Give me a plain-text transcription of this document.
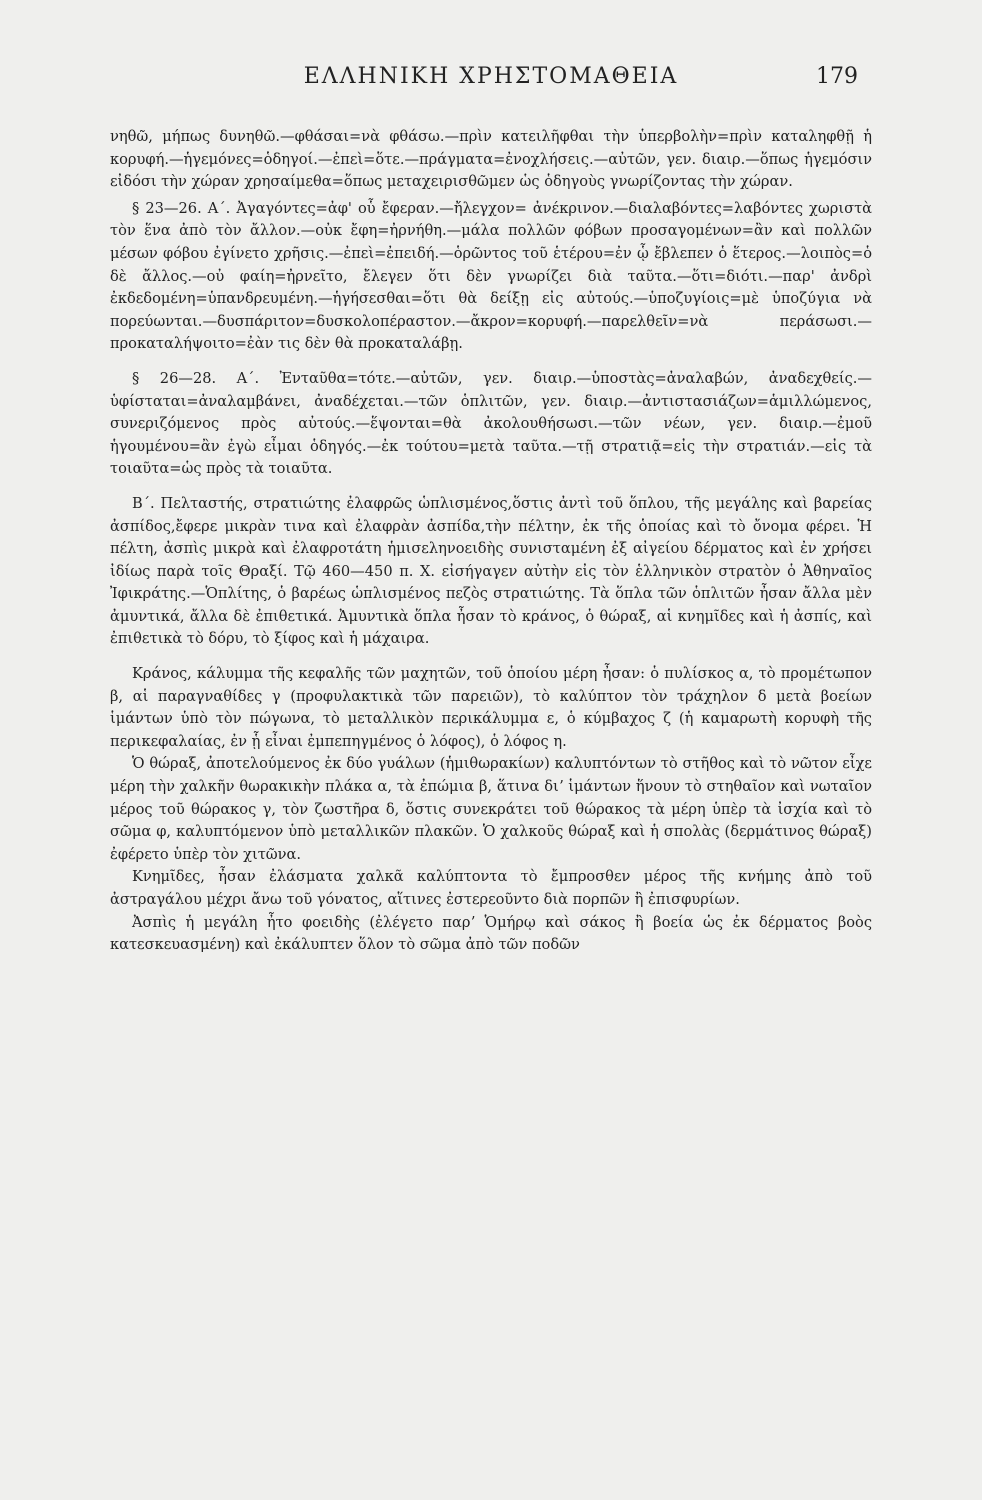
ΕΛΛΗΝΙΚΗ ΧΡΗΣΤΟΜΑΘΕΙΑ	179

νηθῶ, μήπως δυνηθῶ.—φθάσαι=νὰ φθάσω.—πρὶν κατειλῆφθαι τὴν ὑπερβολὴν=πρὶν καταληφθῇ ἡ κορυφή.—ἡγεμόνες=ὁδηγοί.—ἐπεὶ=ὅτε.—πράγματα=ἐνοχλήσεις.—αὐτῶν, γεν. διαιρ.—ὅπως ἡγεμόσιν εἰδόσι τὴν χώραν χρησαίμεθα=ὅπως μεταχειρισθῶμεν ὡς ὁδηγοὺς γνωρίζοντας τὴν χώραν.

§ 23—26. Α΄. Ἀγαγόντες=ἀφ' οὗ ἔφεραν.—ἤλεγχον= ἀνέκρινον.—διαλαβόντες=λαβόντες χωριστὰ τὸν ἕνα ἀπὸ τὸν ἄλλον.—οὐκ ἔφη=ἠρνήθη.—μάλα πολλῶν φόβων προσαγομένων=ἂν καὶ πολλῶν μέσων φόβου ἐγίνετο χρῆσις.—ἐπεὶ=ἐπειδή.—ὁρῶντος τοῦ ἑτέρου=ἐν ᾧ ἔβλεπεν ὁ ἕτερος.—λοιπὸς=ὁ δὲ ἄλλος.—οὐ φαίη=ἠρνεῖτο, ἔλεγεν ὅτι δὲν γνωρίζει διὰ ταῦτα.—ὅτι=διότι.—παρ' ἀνδρὶ ἐκδεδομένη=ὑπανδρευμένη.—ἡγήσεσθαι=ὅτι θὰ δείξῃ εἰς αὐτούς.—ὑποζυγίοις=μὲ ὑποζύγια νὰ πορεύωνται.—δυσπάριτον=δυσκολοπέραστον.—ἄκρον=κορυφή.—παρελθεῖν=νὰ περάσωσι.—προκαταλήψοιτο=ἐὰν τις δὲν θὰ προκαταλάβῃ.

§ 26—28. Α΄. Ἐνταῦθα=τότε.—αὐτῶν, γεν. διαιρ.—ὑποστὰς=ἀναλαβών, ἀναδεχθείς.—ὑφίσταται=ἀναλαμβάνει, ἀναδέχεται.—τῶν ὁπλιτῶν, γεν. διαιρ.—ἀντιστασιάζων=ἁμιλλώμενος, συνεριζόμενος πρὸς αὐτούς.—ἕψονται=θὰ ἀκολουθήσωσι.—τῶν νέων, γεν. διαιρ.—ἐμοῦ ἡγουμένου=ἂν ἐγὼ εἶμαι ὁδηγός.—ἐκ τούτου=μετὰ ταῦτα.—τῇ στρατιᾷ=εἰς τὴν στρατιάν.—εἰς τὰ τοιαῦτα=ὡς πρὸς τὰ τοιαῦτα.

Β΄. Πελταστής, στρατιώτης ἐλαφρῶς ὡπλισμένος,ὅστις ἀντὶ τοῦ ὅπλου, τῆς μεγάλης καὶ βαρείας ἀσπίδος,ἔφερε μικρὰν τινα καὶ ἐλαφρὰν ἀσπίδα,τὴν πέλτην, ἐκ τῆς ὁποίας καὶ τὸ ὄνομα φέρει. Ἡ πέλτη, ἀσπὶς μικρὰ καὶ ἐλαφροτάτη ἡμισεληνοειδὴς συνισταμένη ἐξ αἰγείου δέρματος καὶ ἐν χρήσει ἰδίως παρὰ τοῖς Θραξί. Τῷ 460—450 π. Χ. εἰσήγαγεν αὐτὴν εἰς τὸν ἑλληνικὸν στρατὸν ὁ Ἀθηναῖος Ἰφικράτης.—Ὁπλίτης, ὁ βαρέως ὡπλισμένος πεζὸς στρατιώτης. Τὰ ὅπλα τῶν ὁπλιτῶν ἦσαν ἄλλα μὲν ἀμυντικά, ἄλλα δὲ ἐπιθετικά. Ἀμυντικὰ ὅπλα ἦσαν τὸ κράνος, ὁ θώραξ, αἱ κνημῖδες καὶ ἡ ἀσπίς, καὶ ἐπιθετικὰ τὸ δόρυ, τὸ ξίφος καὶ ἡ μάχαιρα.

Κράνος, κάλυμμα τῆς κεφαλῆς τῶν μαχητῶν, τοῦ ὁποίου μέρη ἦσαν: ὁ πυλίσκος α, τὸ προμέτωπον β, αἱ παραγναθίδες γ (προφυλακτικὰ τῶν παρειῶν), τὸ καλύπτον τὸν τράχηλον δ μετὰ βοείων ἱμάντων ὑπὸ τὸν πώγωνα, τὸ μεταλλικὸν περικάλυμμα ε, ὁ κύμβαχος ζ (ἡ καμαρωτὴ κορυφὴ τῆς περικεφαλαίας, ἐν ᾗ εἶναι ἐμπεπηγμένος ὁ λόφος), ὁ λόφος η.

Ὁ θώραξ, ἀποτελούμενος ἐκ δύο γυάλων (ἡμιθωρακίων) καλυπτόντων τὸ στῆθος καὶ τὸ νῶτον εἶχε μέρη τὴν χαλκῆν θωρακικὴν πλάκα α, τὰ ἐπώμια β, ἅτινα διʼ ἱμάντων ἥνουν τὸ στηθαῖον καὶ νωταῖον μέρος τοῦ θώρακος γ, τὸν ζωστῆρα δ, ὅστις συνεκράτει τοῦ θώρακος τὰ μέρη ὑπὲρ τὰ ἰσχία καὶ τὸ σῶμα φ, καλυπτόμενον ὑπὸ μεταλλικῶν πλακῶν. Ὁ χαλκοῦς θώραξ καὶ ἡ σπολὰς (δερμάτινος θώραξ) ἐφέρετο ὑπὲρ τὸν χιτῶνα.

Κνημῖδες, ἦσαν ἐλάσματα χαλκᾶ καλύπτοντα τὸ ἔμπροσθεν μέρος τῆς κνήμης ἀπὸ τοῦ ἀστραγάλου μέχρι ἄνω τοῦ γόνατος, αἵτινες ἐστερεοῦντο διὰ πορπῶν ἢ ἐπισφυρίων.

Ἀσπὶς ἡ μεγάλη ἦτο φοειδὴς (ἐλέγετο παρʼ Ὁμήρῳ καὶ σάκος ἢ βοεία ὡς ἐκ δέρματος βοὸς κατεσκευασμένη) καὶ ἐκάλυπτεν ὅλον τὸ σῶμα ἀπὸ τῶν ποδῶν
